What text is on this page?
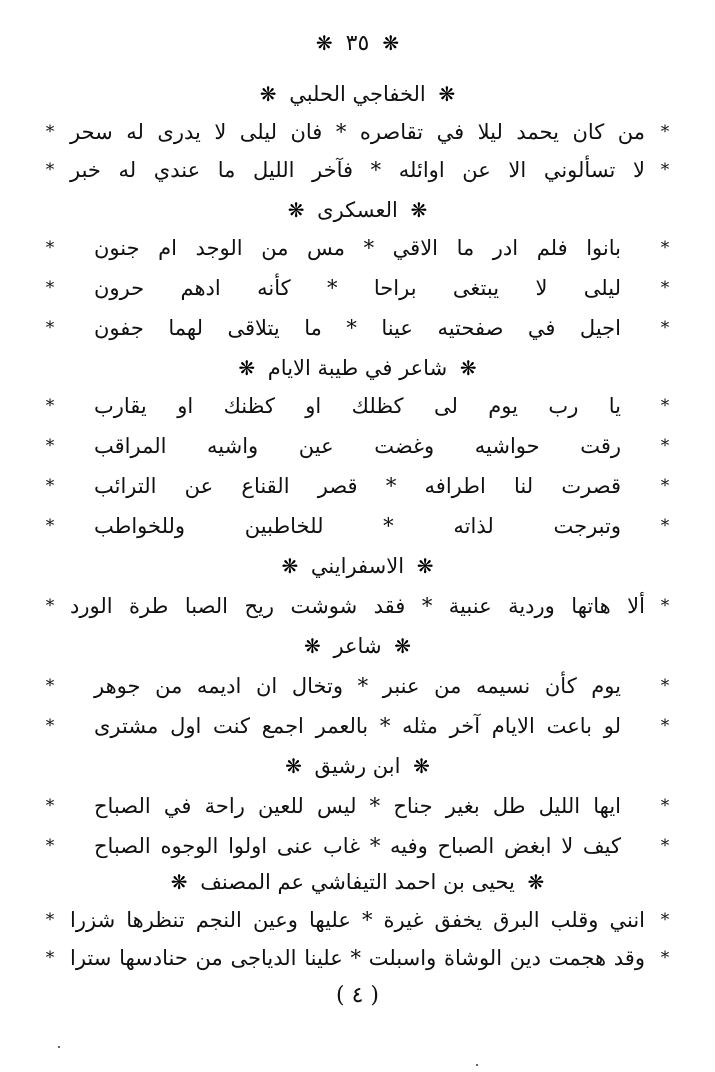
❋ ٣٥ ❋
❋ الخفاجي الحلبي ❋
*
من كان يحمد ليلا في تقاصره * فان ليلى لا يدرى له سحر
*
*
لا تسألوني الا عن اوائله * فآخر الليل ما عندي له خبر
*
❋ العسكرى ❋
*
بانوا فلم ادر ما الاقي * مس من الوجد ام جنون
*
*
ليلى لا يبتغى براحا * كأنه ادهم حرون
*
*
اجيل في صفحتيه عينا * ما يتلاقى لهما جفون
*
❋ شاعر في طيبة الايام ❋
*
يا رب يوم لى كظلك او كظنك او يقارب
*
*
رقت حواشيه وغضت عين واشيه المراقب
*
*
قصرت لنا اطرافه * قصر القناع عن الترائب
*
*
وتبرجت لذاته * للخاطبين وللخواطب
*
❋ الاسفرايني ❋
*
ألا هاتها وردية عنبية * فقد شوشت ريح الصبا طرة الورد
*
❋ شاعر ❋
*
يوم كأن نسيمه من عنبر * وتخال ان اديمه من جوهر
*
*
لو باعت الايام آخر مثله * بالعمر اجمع كنت اول مشترى
*
❋ ابن رشيق ❋
*
ايها الليل طل بغير جناح * ليس للعين راحة في الصباح
*
*
كيف لا ابغض الصباح وفيه * غاب عنى اولوا الوجوه الصباح
*
❋ يحيى بن احمد التيفاشي عم المصنف ❋
*
انني وقلب البرق يخفق غيرة * عليها وعين النجم تنظرها شزرا
*
*
وقد هجمت دين الوشاة واسبلت * علينا الدياجى من حنادسها سترا
*
( ٤ )
